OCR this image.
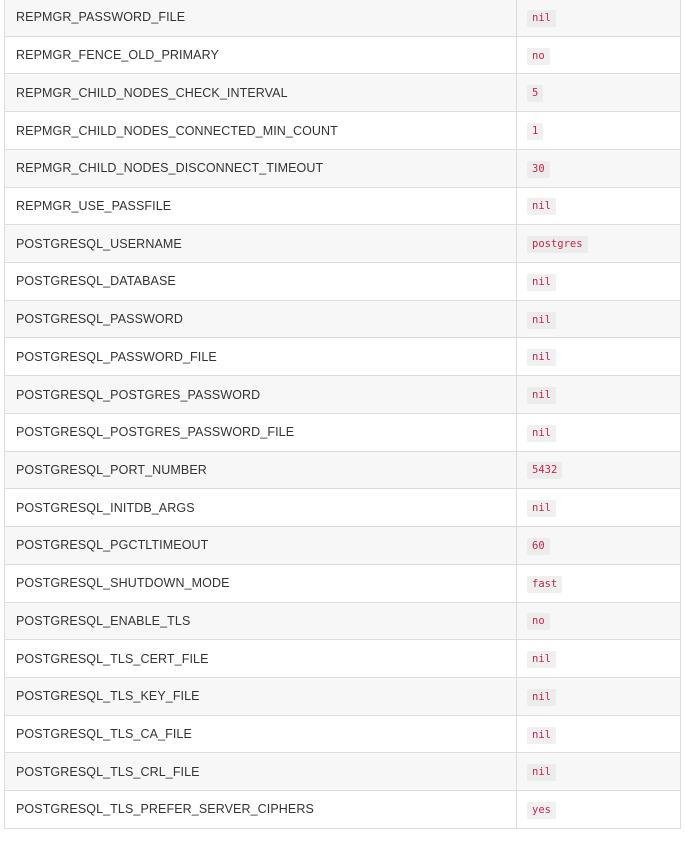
REPMGR_PASSWORD_FILE	nil
REPMGR_FENCE_OLD_PRIMARY	no
REPMGR_CHILD_NODES_CHECK_INTERVAL	5
REPMGR_CHILD_NODES_CONNECTED_MIN_COUNT	1
REPMGR_CHILD_NODES_DISCONNECT_TIMEOUT	30
REPMGR_USE_PASSFILE	nil
POSTGRESQL_USERNAME	postgres
POSTGRESQL_DATABASE	nil
POSTGRESQL_PASSWORD	nil
POSTGRESQL_PASSWORD_FILE	nil
POSTGRESQL_POSTGRES_PASSWORD	nil
POSTGRESQL_POSTGRES_PASSWORD_FILE	nil
POSTGRESQL_PORT_NUMBER	5432
POSTGRESQL_INITDB_ARGS	nil
POSTGRESQL_PGCTLTIMEOUT	60
POSTGRESQL_SHUTDOWN_MODE	fast
POSTGRESQL_ENABLE_TLS	no
POSTGRESQL_TLS_CERT_FILE	nil
POSTGRESQL_TLS_KEY_FILE	nil
POSTGRESQL_TLS_CA_FILE	nil
POSTGRESQL_TLS_CRL_FILE	nil
POSTGRESQL_TLS_PREFER_SERVER_CIPHERS	yes
